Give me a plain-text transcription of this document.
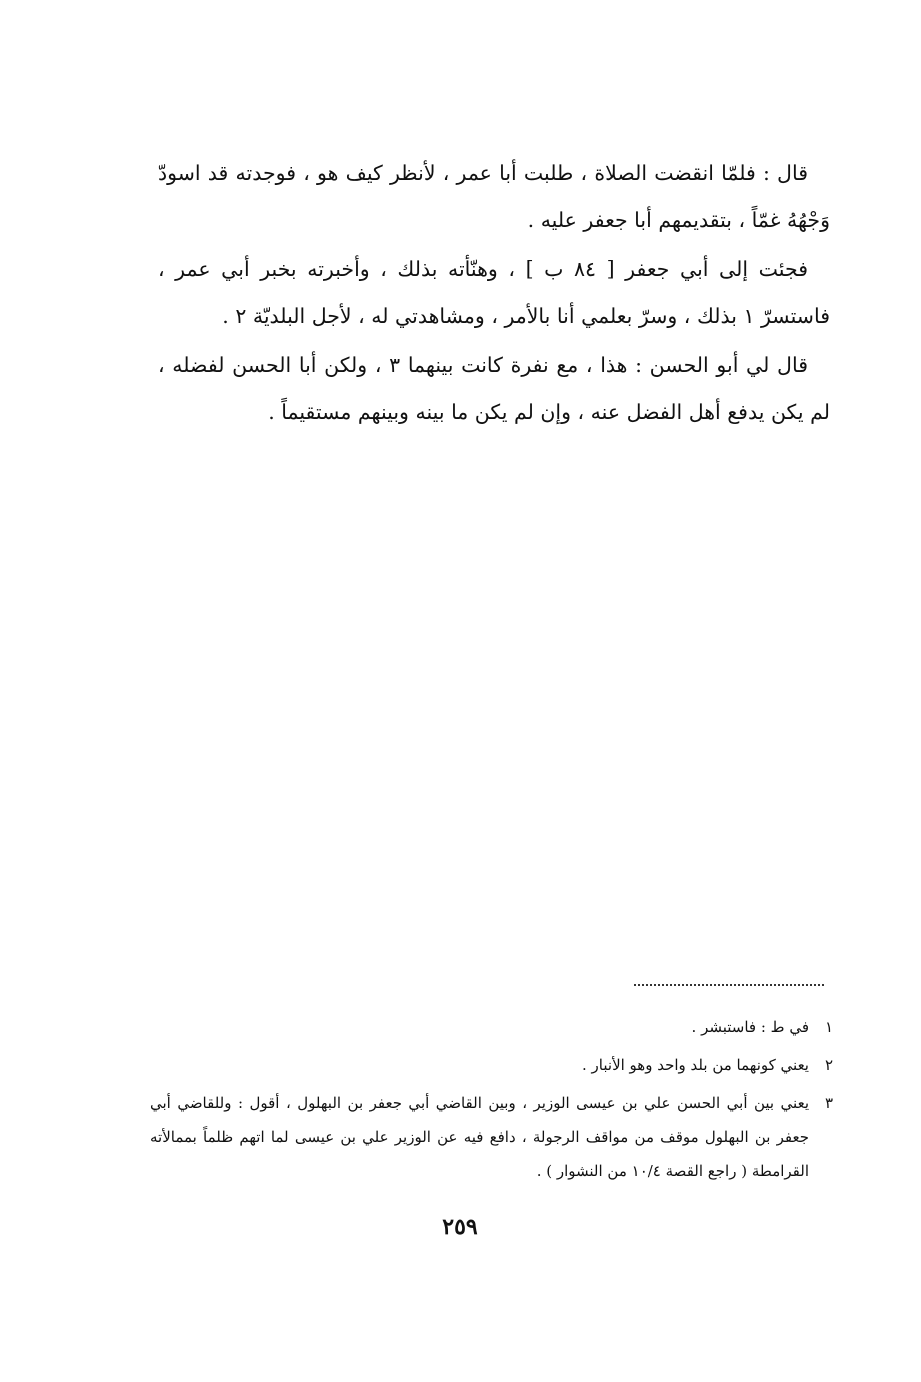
قال : فلمّا انقضت الصلاة ، طلبت أبا عمر ، لأنظر كيف هو ، فوجدته قد اسودّ وَجْهُهُ غمّاً ، بتقديمهم أبا جعفر عليه .

فجئت إلى أبي جعفر [ ٨٤ ب ] ، وهنّأته بذلك ، وأخبرته بخبر أبي عمر ، فاستسرّ ١ بذلك ، وسرّ بعلمي أنا بالأمر ، ومشاهدتي له ، لأجل البلديّة ٢ .

قال لي أبو الحسن : هذا ، مع نفرة كانت بينهما ٣ ، ولكن أبا الحسن لفضله ، لم يكن يدفع أهل الفضل عنه ، وإن لم يكن ما بينه وبينهم مستقيماً .

١
في ط : فاستبشر .

٢
يعني كونهما من بلد واحد وهو الأنبار .

٣
يعني بين أبي الحسن علي بن عيسى الوزير ، وبين القاضي أبي جعفر بن البهلول ، أقول : وللقاضي أبي جعفر بن البهلول موقف من مواقف الرجولة ، دافع فيه عن الوزير علي بن عيسى لما اتهم ظلماً بممالأته القرامطة ( راجع القصة ١٠/٤ من النشوار ) .

٢٥٩
